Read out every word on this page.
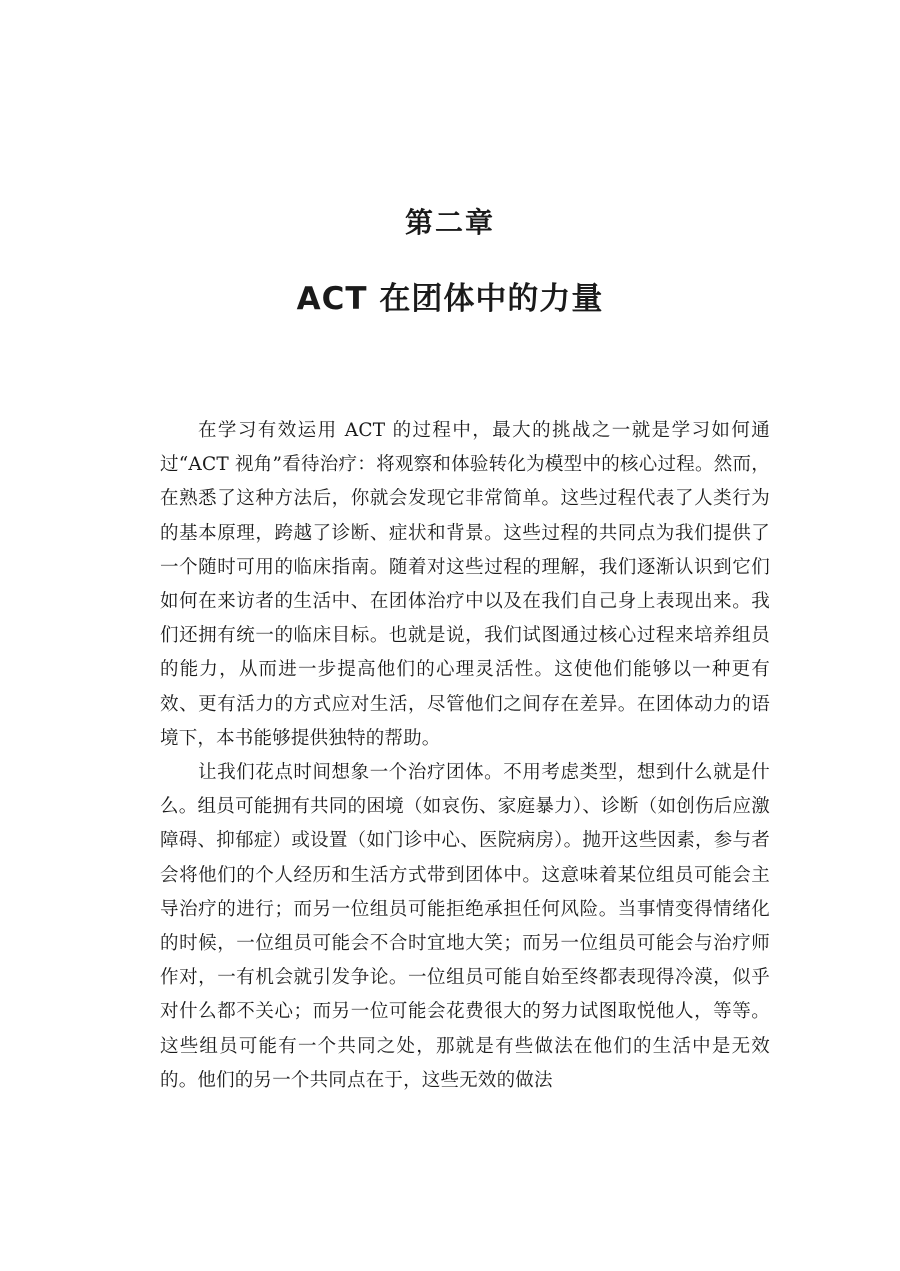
第二章
ACT 在团体中的力量

在学习有效运用 ACT 的过程中，最大的挑战之一就是学习如何通过“ACT 视角”看待治疗：将观察和体验转化为模型中的核心过程。然而，在熟悉了这种方法后，你就会发现它非常简单。这些过程代表了人类行为的基本原理，跨越了诊断、症状和背景。这些过程的共同点为我们提供了一个随时可用的临床指南。随着对这些过程的理解，我们逐渐认识到它们如何在来访者的生活中、在团体治疗中以及在我们自己身上表现出来。我们还拥有统一的临床目标。也就是说，我们试图通过核心过程来培养组员的能力，从而进一步提高他们的心理灵活性。这使他们能够以一种更有效、更有活力的方式应对生活，尽管他们之间存在差异。在团体动力的语境下，本书能够提供独特的帮助。

让我们花点时间想象一个治疗团体。不用考虑类型，想到什么就是什么。组员可能拥有共同的困境（如哀伤、家庭暴力）、诊断（如创伤后应激障碍、抑郁症）或设置（如门诊中心、医院病房）。抛开这些因素，参与者会将他们的个人经历和生活方式带到团体中。这意味着某位组员可能会主导治疗的进行；而另一位组员可能拒绝承担任何风险。当事情变得情绪化的时候，一位组员可能会不合时宜地大笑；而另一位组员可能会与治疗师作对，一有机会就引发争论。一位组员可能自始至终都表现得冷漠，似乎对什么都不关心；而另一位可能会花费很大的努力试图取悦他人，等等。这些组员可能有一个共同之处，那就是有些做法在他们的生活中是无效的。他们的另一个共同点在于，这些无效的做法
